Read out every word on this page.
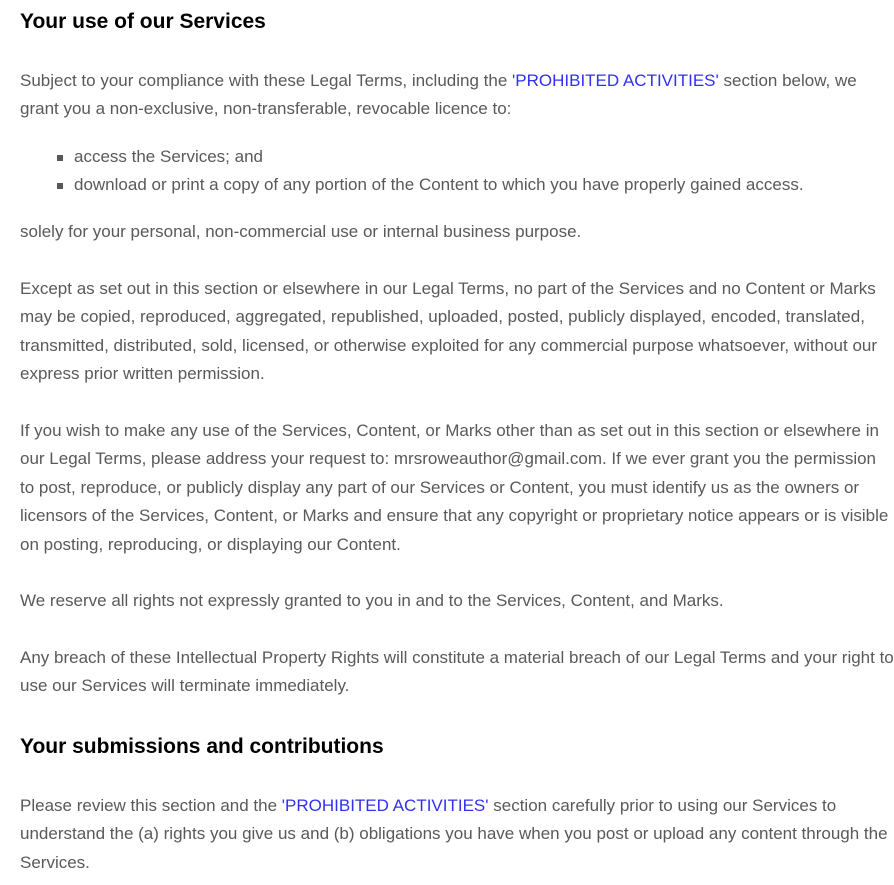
Your use of our Services

Subject to your compliance with these Legal Terms, including the 'PROHIBITED ACTIVITIES' section below, we grant you a non-exclusive, non-transferable, revocable licence to:

access the Services; and
download or print a copy of any portion of the Content to which you have properly gained access.

solely for your personal, non-commercial use or internal business purpose.

Except as set out in this section or elsewhere in our Legal Terms, no part of the Services and no Content or Marks may be copied, reproduced, aggregated, republished, uploaded, posted, publicly displayed, encoded, translated, transmitted, distributed, sold, licensed, or otherwise exploited for any commercial purpose whatsoever, without our express prior written permission.

If you wish to make any use of the Services, Content, or Marks other than as set out in this section or elsewhere in our Legal Terms, please address your request to: mrsroweauthor@gmail.com. If we ever grant you the permission to post, reproduce, or publicly display any part of our Services or Content, you must identify us as the owners or licensors of the Services, Content, or Marks and ensure that any copyright or proprietary notice appears or is visible on posting, reproducing, or displaying our Content.

We reserve all rights not expressly granted to you in and to the Services, Content, and Marks.

Any breach of these Intellectual Property Rights will constitute a material breach of our Legal Terms and your right to use our Services will terminate immediately.

Your submissions and contributions

Please review this section and the 'PROHIBITED ACTIVITIES' section carefully prior to using our Services to understand the (a) rights you give us and (b) obligations you have when you post or upload any content through the Services.
